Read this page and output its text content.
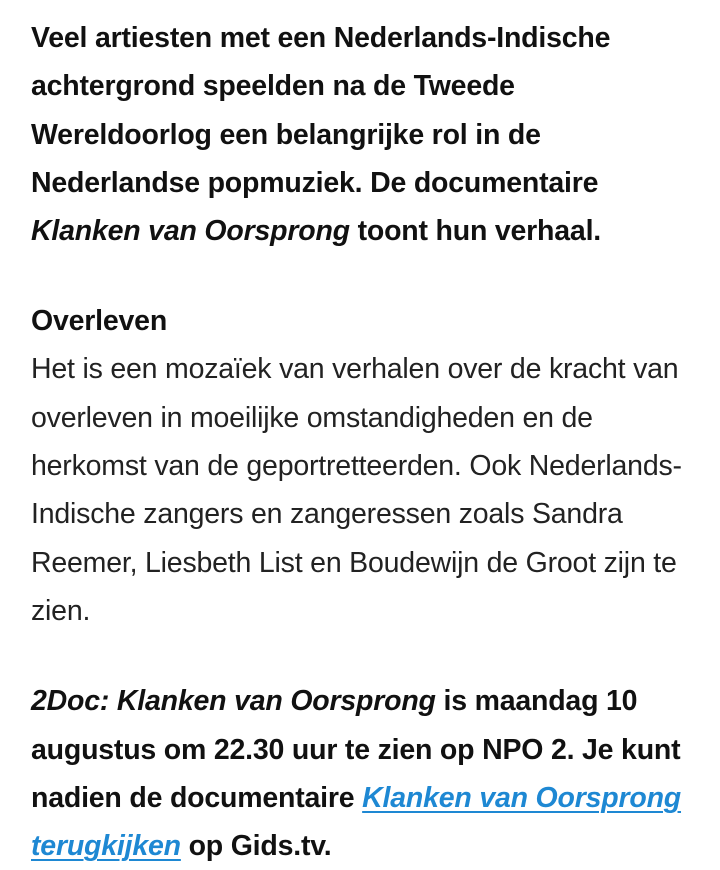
Veel artiesten met een Nederlands-Indische achtergrond speelden na de Tweede Wereldoorlog een belangrijke rol in de Nederlandse popmuziek. De documentaire Klanken van Oorsprong toont hun verhaal.

Overleven

Het is een mozaïek van verhalen over de kracht van overleven in moeilijke omstandigheden en de herkomst van de geportretteerden. Ook Nederlands-Indische zangers en zangeressen zoals Sandra Reemer, Liesbeth List en Boudewijn de Groot zijn te zien.

2Doc: Klanken van Oorsprong is maandag 10 augustus om 22.30 uur te zien op NPO 2. Je kunt nadien de documentaire Klanken van Oorsprong terugkijken op Gids.tv.
